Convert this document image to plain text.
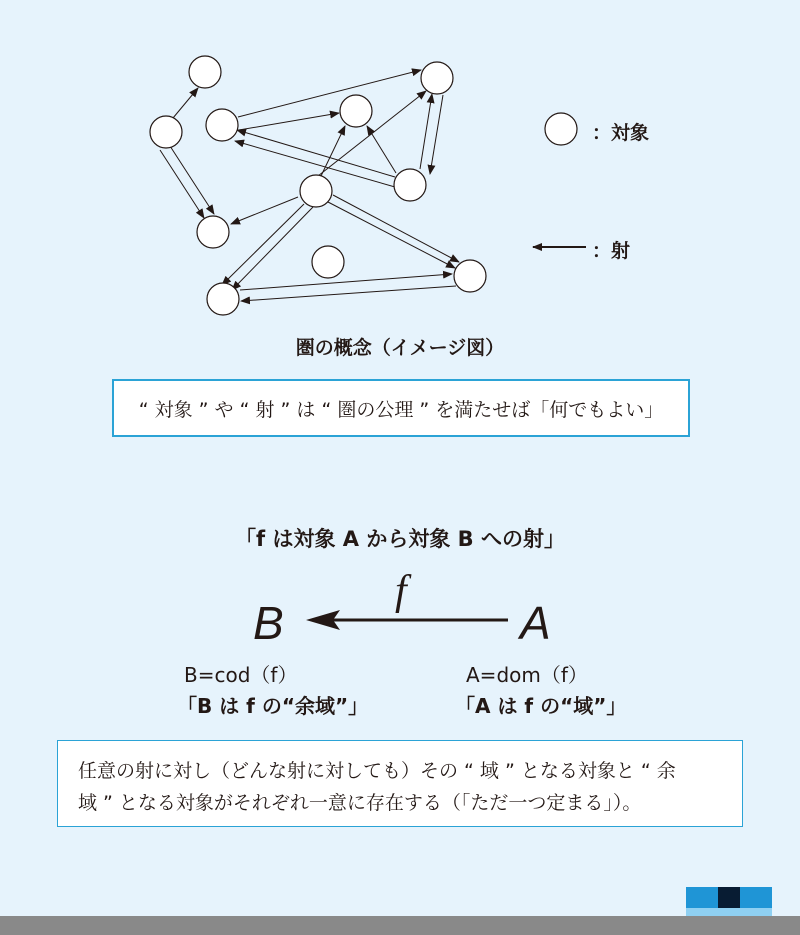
：対象
：射
圏の概念（イメージ図）
“ 対象 ” や “ 射 ” は “ 圏の公理 ” を満たせば「何でもよい」
「f は対象 A から対象 B への射」
B
f
A
B=cod（f）
「B は f の“余域”」
A=dom（f）
「A は f の“域”」
任意の射に対し（どんな射に対しても）その “ 域 ” となる対象と “ 余
域 ” となる対象がそれぞれ一意に存在する（「ただ一つ定まる」）。
